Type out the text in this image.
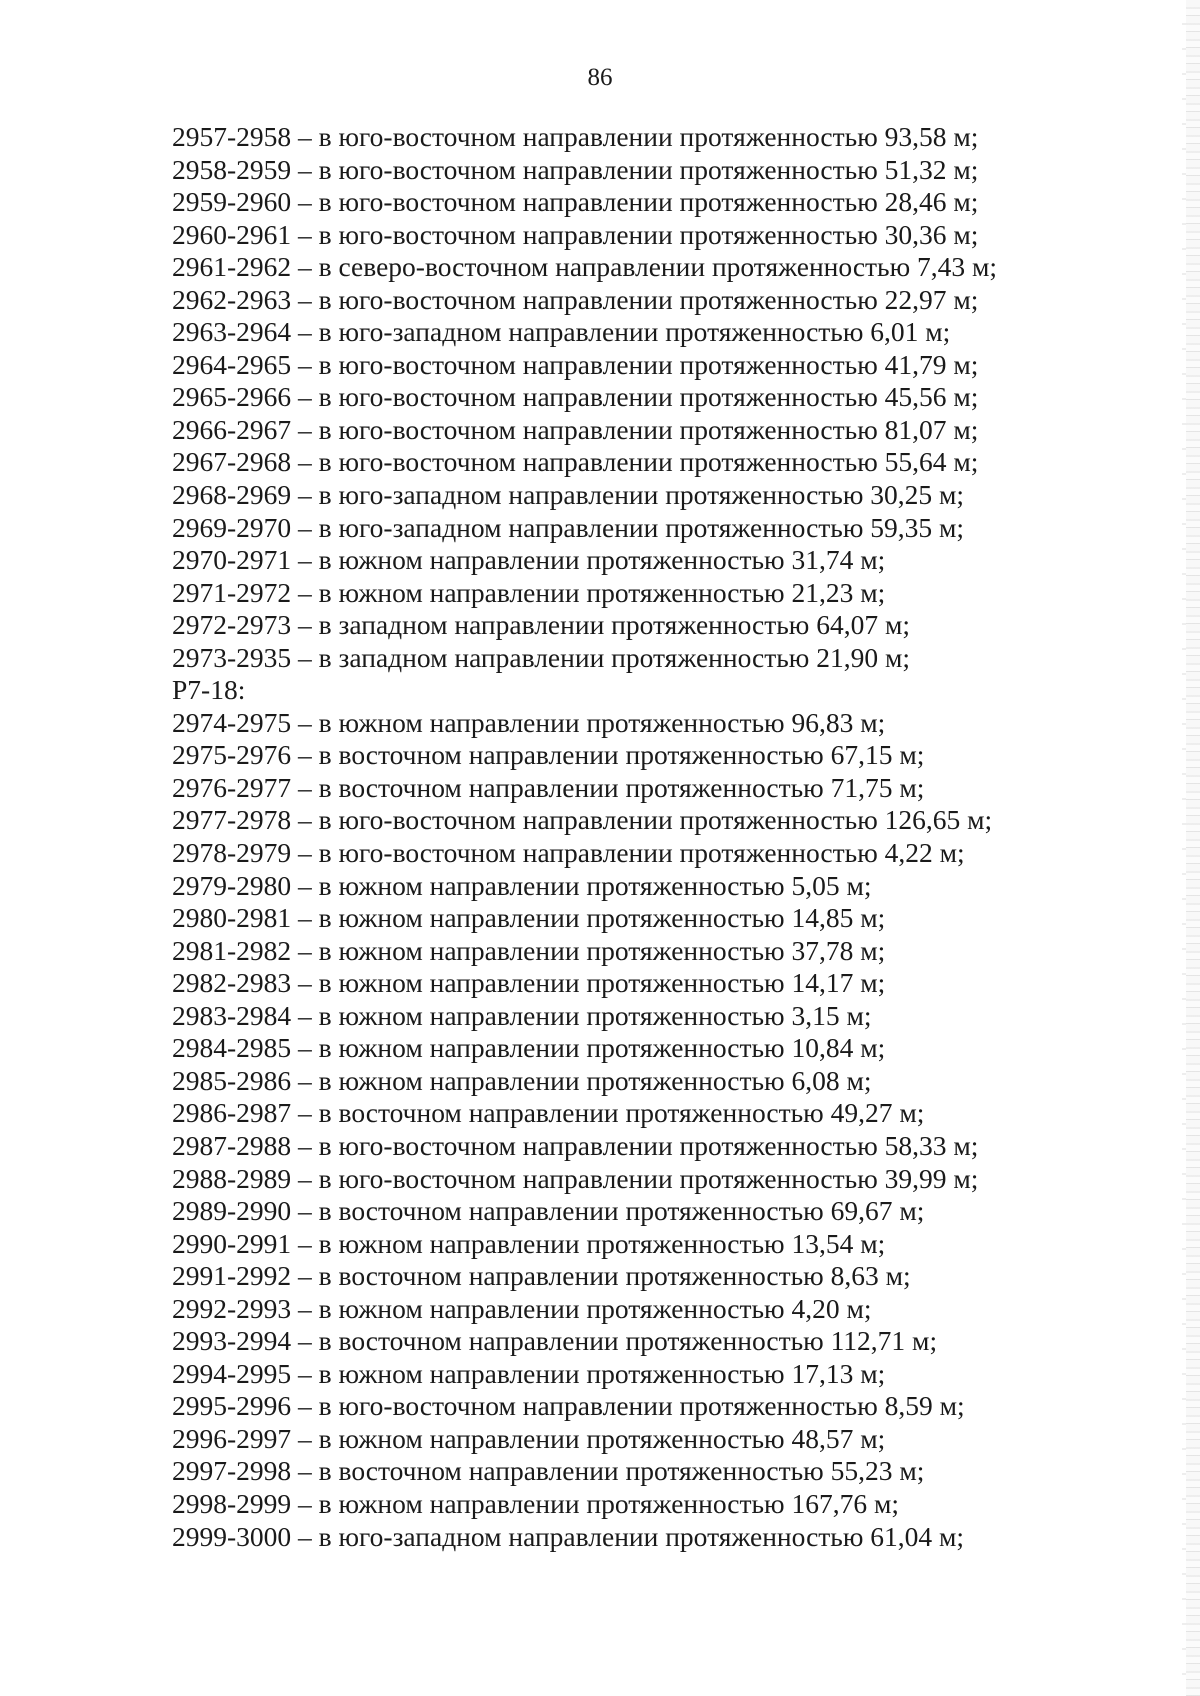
86
2957-2958 – в юго-восточном направлении протяженностью 93,58 м;
2958-2959 – в юго-восточном направлении протяженностью 51,32 м;
2959-2960 – в юго-восточном направлении протяженностью 28,46 м;
2960-2961 – в юго-восточном направлении протяженностью 30,36 м;
2961-2962 – в северо-восточном направлении протяженностью 7,43 м;
2962-2963 – в юго-восточном направлении протяженностью 22,97 м;
2963-2964 – в юго-западном направлении протяженностью 6,01 м;
2964-2965 – в юго-восточном направлении протяженностью 41,79 м;
2965-2966 – в юго-восточном направлении протяженностью 45,56 м;
2966-2967 – в юго-восточном направлении протяженностью 81,07 м;
2967-2968 – в юго-восточном направлении протяженностью 55,64 м;
2968-2969 – в юго-западном направлении протяженностью 30,25 м;
2969-2970 – в юго-западном направлении протяженностью 59,35 м;
2970-2971 – в южном направлении протяженностью 31,74 м;
2971-2972 – в южном направлении протяженностью 21,23 м;
2972-2973 – в западном направлении протяженностью 64,07 м;
2973-2935 – в западном направлении протяженностью 21,90 м;
Р7-18:
2974-2975 – в южном направлении протяженностью 96,83 м;
2975-2976 – в восточном направлении протяженностью 67,15 м;
2976-2977 – в восточном направлении протяженностью 71,75 м;
2977-2978 – в юго-восточном направлении протяженностью 126,65 м;
2978-2979 – в юго-восточном направлении протяженностью 4,22 м;
2979-2980 – в южном направлении протяженностью 5,05 м;
2980-2981 – в южном направлении протяженностью 14,85 м;
2981-2982 – в южном направлении протяженностью 37,78 м;
2982-2983 – в южном направлении протяженностью 14,17 м;
2983-2984 – в южном направлении протяженностью 3,15 м;
2984-2985 – в южном направлении протяженностью 10,84 м;
2985-2986 – в южном направлении протяженностью 6,08 м;
2986-2987 – в восточном направлении протяженностью 49,27 м;
2987-2988 – в юго-восточном направлении протяженностью 58,33 м;
2988-2989 – в юго-восточном направлении протяженностью 39,99 м;
2989-2990 – в восточном направлении протяженностью 69,67 м;
2990-2991 – в южном направлении протяженностью 13,54 м;
2991-2992 – в восточном направлении протяженностью 8,63 м;
2992-2993 – в южном направлении протяженностью 4,20 м;
2993-2994 – в восточном направлении протяженностью 112,71 м;
2994-2995 – в южном направлении протяженностью 17,13 м;
2995-2996 – в юго-восточном направлении протяженностью 8,59 м;
2996-2997 – в южном направлении протяженностью 48,57 м;
2997-2998 – в восточном направлении протяженностью 55,23 м;
2998-2999 – в южном направлении протяженностью 167,76 м;
2999-3000 – в юго-западном направлении протяженностью 61,04 м;
